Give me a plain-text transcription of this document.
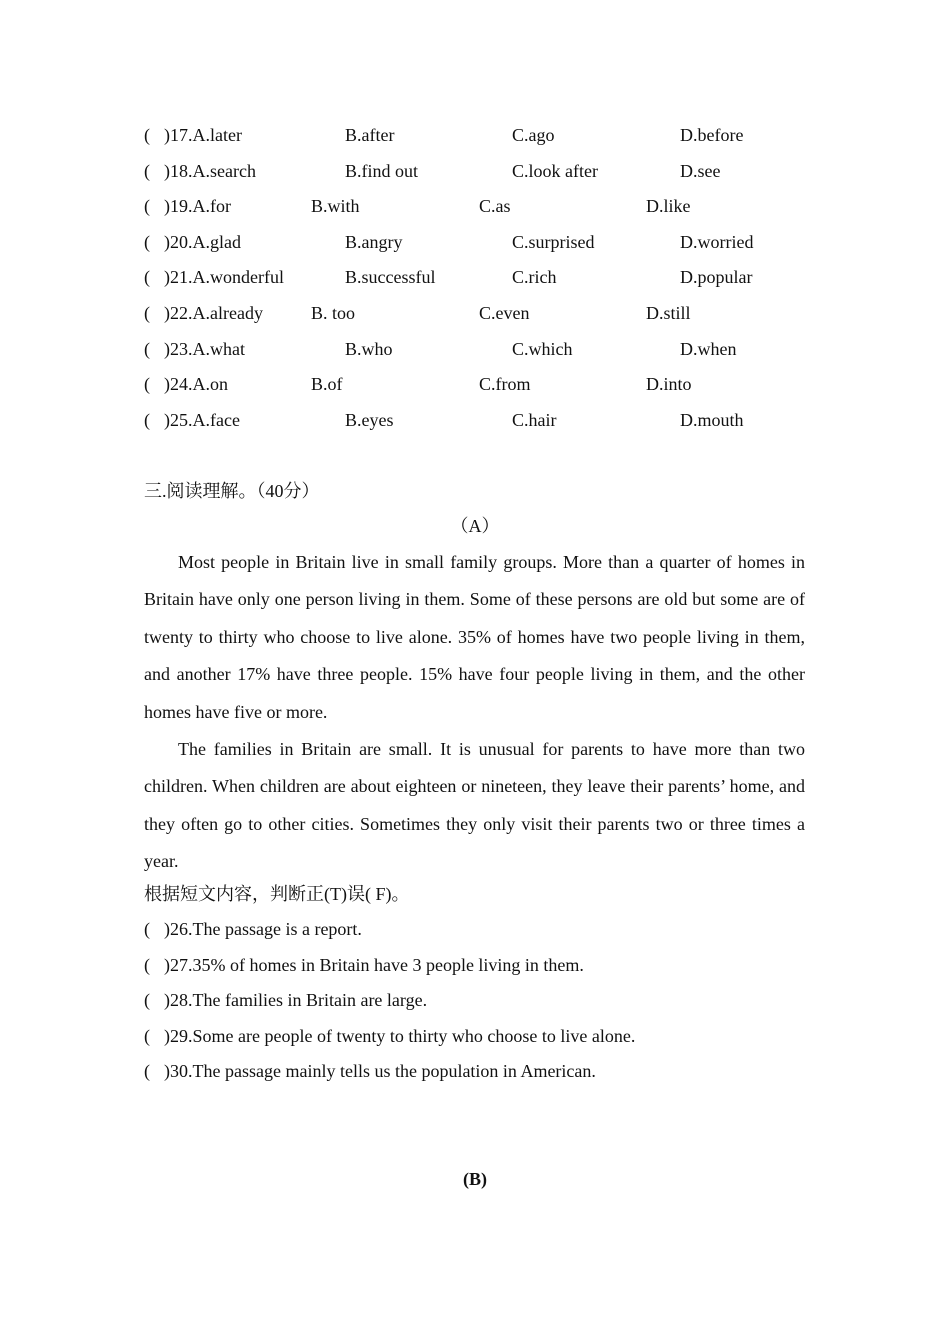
( )17.A.later	B.after	C.ago	D.before
( )18.A.search	B.find out	C.look after	D.see
( )19.A.for	B.with	C.as	D.like
( )20.A.glad	B.angry	C.surprised	D.worried
( )21.A.wonderful	B.successful	C.rich	D.popular
( )22.A.already	B. too	C.even	D.still
( )23.A.what	B.who	C.which	D.when
( )24.A.on	B.of	C.from	D.into
( )25.A.face	B.eyes	C.hair	D.mouth
三.阅读理解。（40分）
（A）

Most people in Britain live in small family groups. More than a quarter of homes in Britain have only one person living in them. Some of these persons are old but some are of twenty to thirty who choose to live alone. 35% of homes have two people living in them, and another 17% have three people. 15% have four people living in them, and the other homes have five or more.

The families in Britain are small. It is unusual for parents to have more than two children. When children are about eighteen or nineteen, they leave their parents’ home, and they often go to other cities. Sometimes they only visit their parents two or three times a year.

根据短文内容，判断正(T)误( F)。
( )26.The passage is a report.
( )27.35% of homes in Britain have 3 people living in them.
( )28.The families in Britain are large.
( )29.Some are people of twenty to thirty who choose to live alone.
( )30.The passage mainly tells us the population in American.
(B)
